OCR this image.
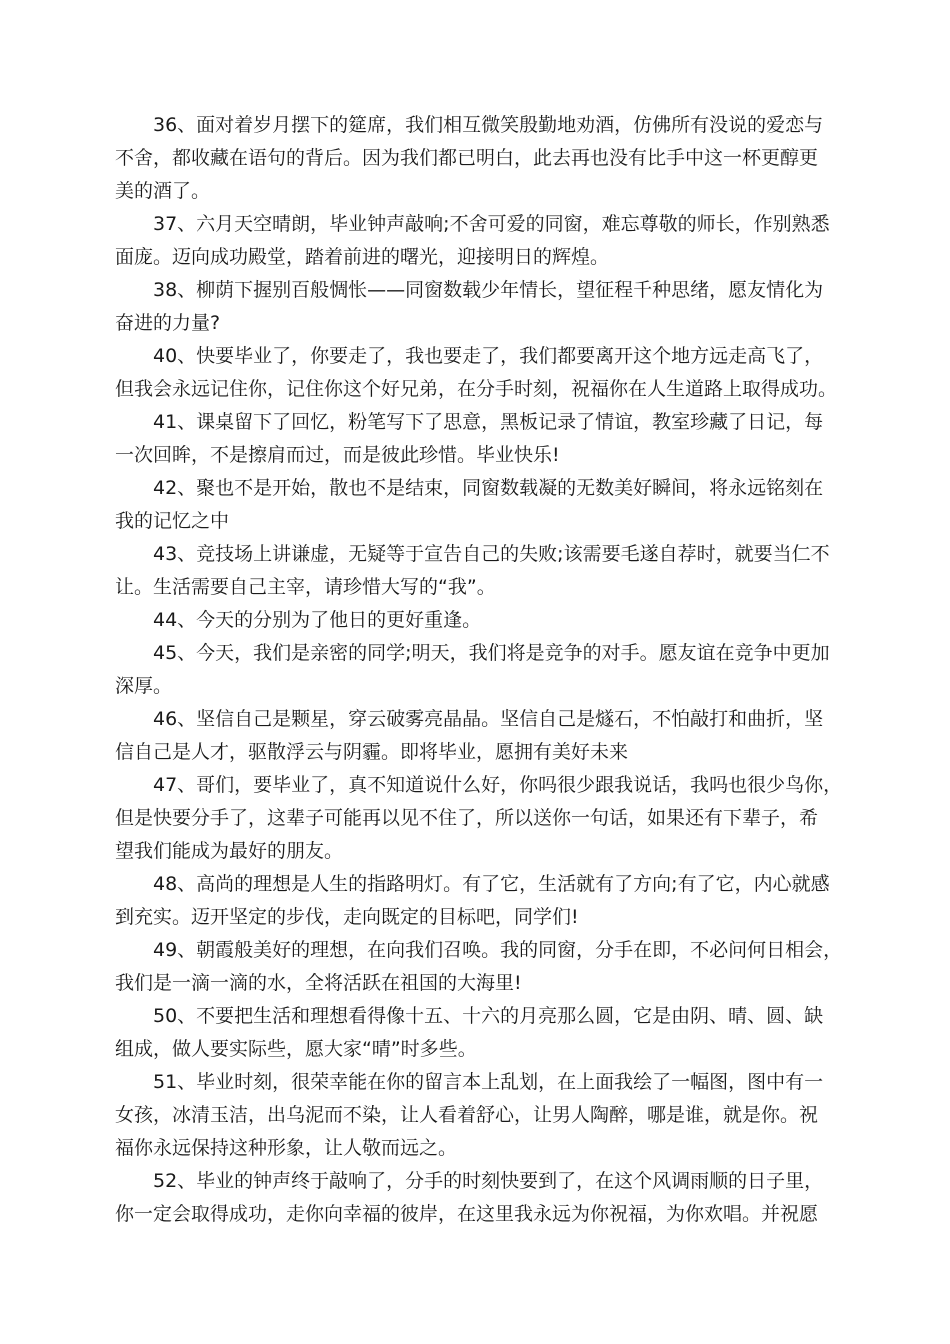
36、面对着岁月摆下的筵席，我们相互微笑殷勤地劝酒，仿佛所有没说的爱恋与
不舍，都收藏在语句的背后。因为我们都已明白，此去再也没有比手中这一杯更醇更
美的酒了。
37、六月天空晴朗，毕业钟声敲响;不舍可爱的同窗，难忘尊敬的师长，作别熟悉
面庞。迈向成功殿堂，踏着前进的曙光，迎接明日的辉煌。
38、柳荫下握别百般惆怅——同窗数载少年情长，望征程千种思绪，愿友情化为
奋进的力量?
40、快要毕业了，你要走了，我也要走了，我们都要离开这个地方远走高飞了，
但我会永远记住你，记住你这个好兄弟，在分手时刻，祝福你在人生道路上取得成功。
41、课桌留下了回忆，粉笔写下了思意，黑板记录了情谊，教室珍藏了日记，每
一次回眸，不是擦肩而过，而是彼此珍惜。毕业快乐!
42、聚也不是开始，散也不是结束，同窗数载凝的无数美好瞬间，将永远铭刻在
我的记忆之中
43、竞技场上讲谦虚，无疑等于宣告自己的失败;该需要毛遂自荐时，就要当仁不
让。生活需要自己主宰，请珍惜大写的“我”。
44、今天的分别为了他日的更好重逢。
45、今天，我们是亲密的同学;明天，我们将是竞争的对手。愿友谊在竞争中更加
深厚。
46、坚信自己是颗星，穿云破雾亮晶晶。坚信自己是燧石，不怕敲打和曲折，坚
信自己是人才，驱散浮云与阴霾。即将毕业，愿拥有美好未来
47、哥们，要毕业了，真不知道说什么好，你吗很少跟我说话，我吗也很少鸟你，
但是快要分手了，这辈子可能再以见不住了，所以送你一句话，如果还有下辈子，希
望我们能成为最好的朋友。
48、高尚的理想是人生的指路明灯。有了它，生活就有了方向;有了它，内心就感
到充实。迈开坚定的步伐，走向既定的目标吧，同学们!
49、朝霞般美好的理想，在向我们召唤。我的同窗，分手在即，不必问何日相会，
我们是一滴一滴的水，全将活跃在祖国的大海里!
50、不要把生活和理想看得像十五、十六的月亮那么圆，它是由阴、晴、圆、缺
组成，做人要实际些，愿大家“晴”时多些。
51、毕业时刻，很荣幸能在你的留言本上乱划，在上面我绘了一幅图，图中有一
女孩，冰清玉洁，出乌泥而不染，让人看着舒心，让男人陶醉，哪是谁，就是你。祝
福你永远保持这种形象，让人敬而远之。
52、毕业的钟声终于敲响了，分手的时刻快要到了，在这个风调雨顺的日子里，
你一定会取得成功，走你向幸福的彼岸，在这里我永远为你祝福，为你欢唱。并祝愿
